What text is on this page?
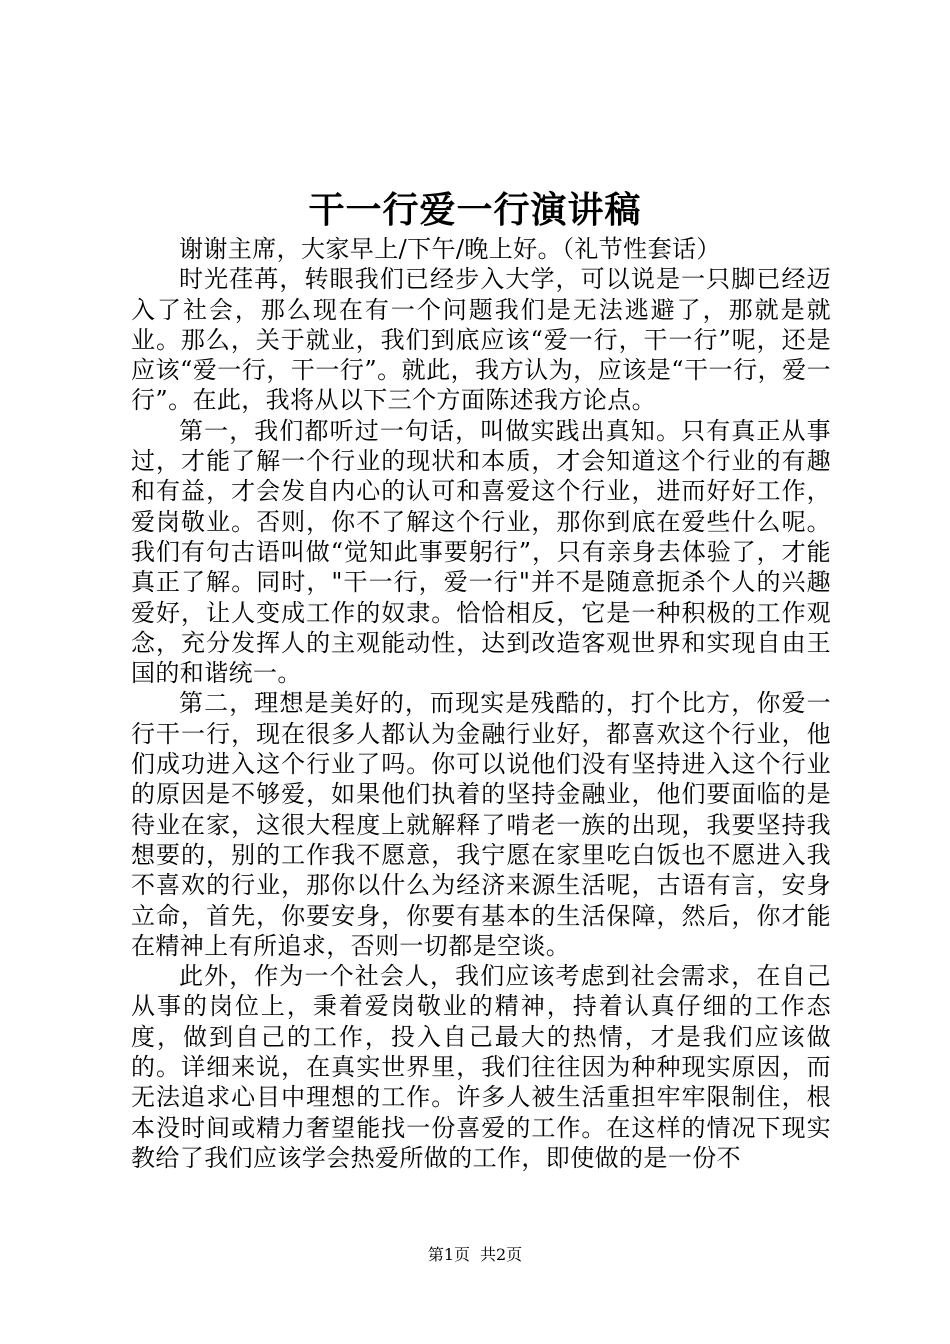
干一行爱一行演讲稿

谢谢主席，大家早上/下午/晚上好。（礼节性套话）

时光荏苒，转眼我们已经步入大学，可以说是一只脚已经迈入了社会，那么现在有一个问题我们是无法逃避了，那就是就业。那么，关于就业，我们到底应该“爱一行，干一行”呢，还是应该“爱一行，干一行”。就此，我方认为，应该是“干一行，爱一行”。在此，我将从以下三个方面陈述我方论点。

第一，我们都听过一句话，叫做实践出真知。只有真正从事过，才能了解一个行业的现状和本质，才会知道这个行业的有趣和有益，才会发自内心的认可和喜爱这个行业，进而好好工作，爱岗敬业。否则，你不了解这个行业，那你到底在爱些什么呢。我们有句古语叫做“觉知此事要躬行”，只有亲身去体验了，才能真正了解。同时，"干一行，爱一行"并不是随意扼杀个人的兴趣爱好，让人变成工作的奴隶。恰恰相反，它是一种积极的工作观念，充分发挥人的主观能动性，达到改造客观世界和实现自由王国的和谐统一。

第二，理想是美好的，而现实是残酷的，打个比方，你爱一行干一行，现在很多人都认为金融行业好，都喜欢这个行业，他们成功进入这个行业了吗。你可以说他们没有坚持进入这个行业的原因是不够爱，如果他们执着的坚持金融业，他们要面临的是待业在家，这很大程度上就解释了啃老一族的出现，我要坚持我想要的，别的工作我不愿意，我宁愿在家里吃白饭也不愿进入我不喜欢的行业，那你以什么为经济来源生活呢，古语有言，安身立命，首先，你要安身，你要有基本的生活保障，然后，你才能在精神上有所追求，否则一切都是空谈。

此外，作为一个社会人，我们应该考虑到社会需求，在自己从事的岗位上，秉着爱岗敬业的精神，持着认真仔细的工作态度，做到自己的工作，投入自己最大的热情，才是我们应该做的。详细来说，在真实世界里，我们往往因为种种现实原因，而无法追求心目中理想的工作。许多人被生活重担牢牢限制住，根本没时间或精力奢望能找一份喜爱的工作。在这样的情况下现实教给了我们应该学会热爱所做的工作，即使做的是一份不

第1页 共2页
